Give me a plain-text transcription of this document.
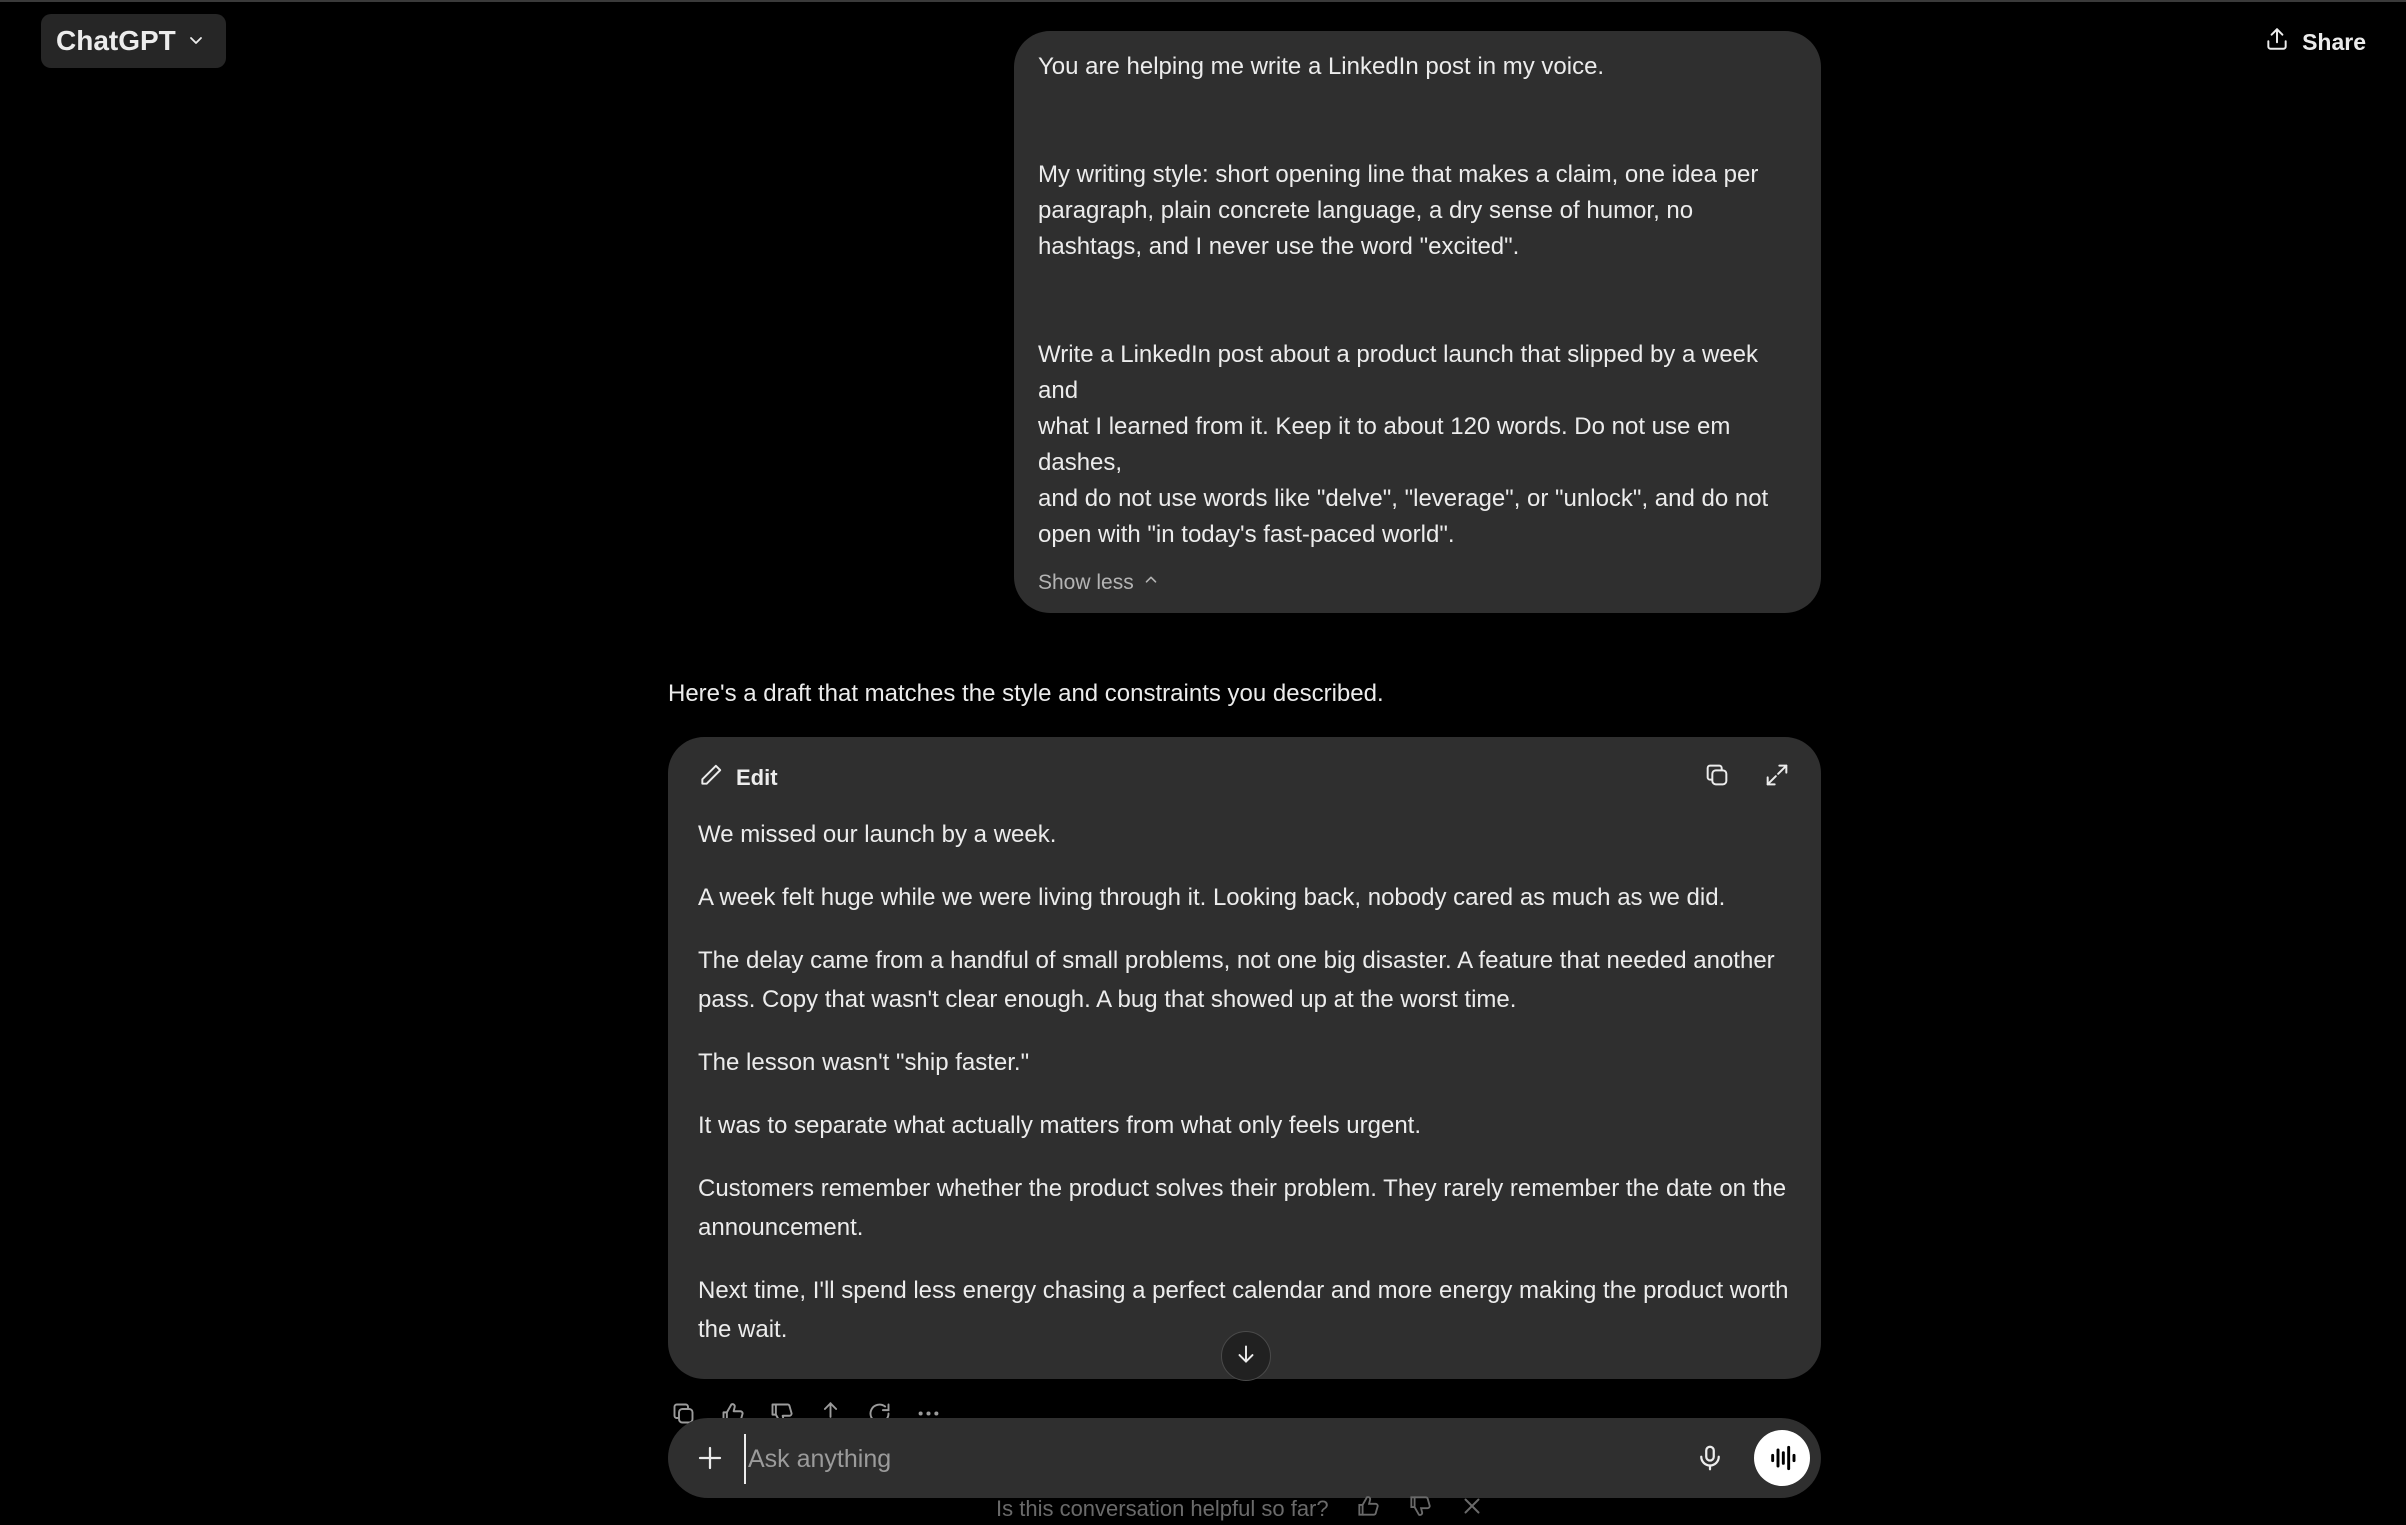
ChatGPT	Share

You are helping me write a LinkedIn post in my voice.

My writing style: short opening line that makes a claim, one idea per paragraph, plain concrete language, a dry sense of humor, no hashtags, and I never use the word "excited".

Write a LinkedIn post about a product launch that slipped by a week and

what I learned from it. Keep it to about 120 words. Do not use em dashes,

and do not use words like "delve", "leverage", or "unlock", and do not open with "in today's fast-paced world".

Show less
Here's a draft that matches the style and constraints you described.
Edit

We missed our launch by a week.

A week felt huge while we were living through it. Looking back, nobody cared as much as we did.

The delay came from a handful of small problems, not one big disaster. A feature that needed another pass. Copy that wasn't clear enough. A bug that showed up at the worst time.

The lesson wasn't "ship faster."

It was to separate what actually matters from what only feels urgent.

Customers remember whether the product solves their problem. They rarely remember the date on the announcement.

Next time, I'll spend less energy chasing a perfect calendar and more energy making the product worth the wait.

Ask anything
Is this conversation helpful so far?
